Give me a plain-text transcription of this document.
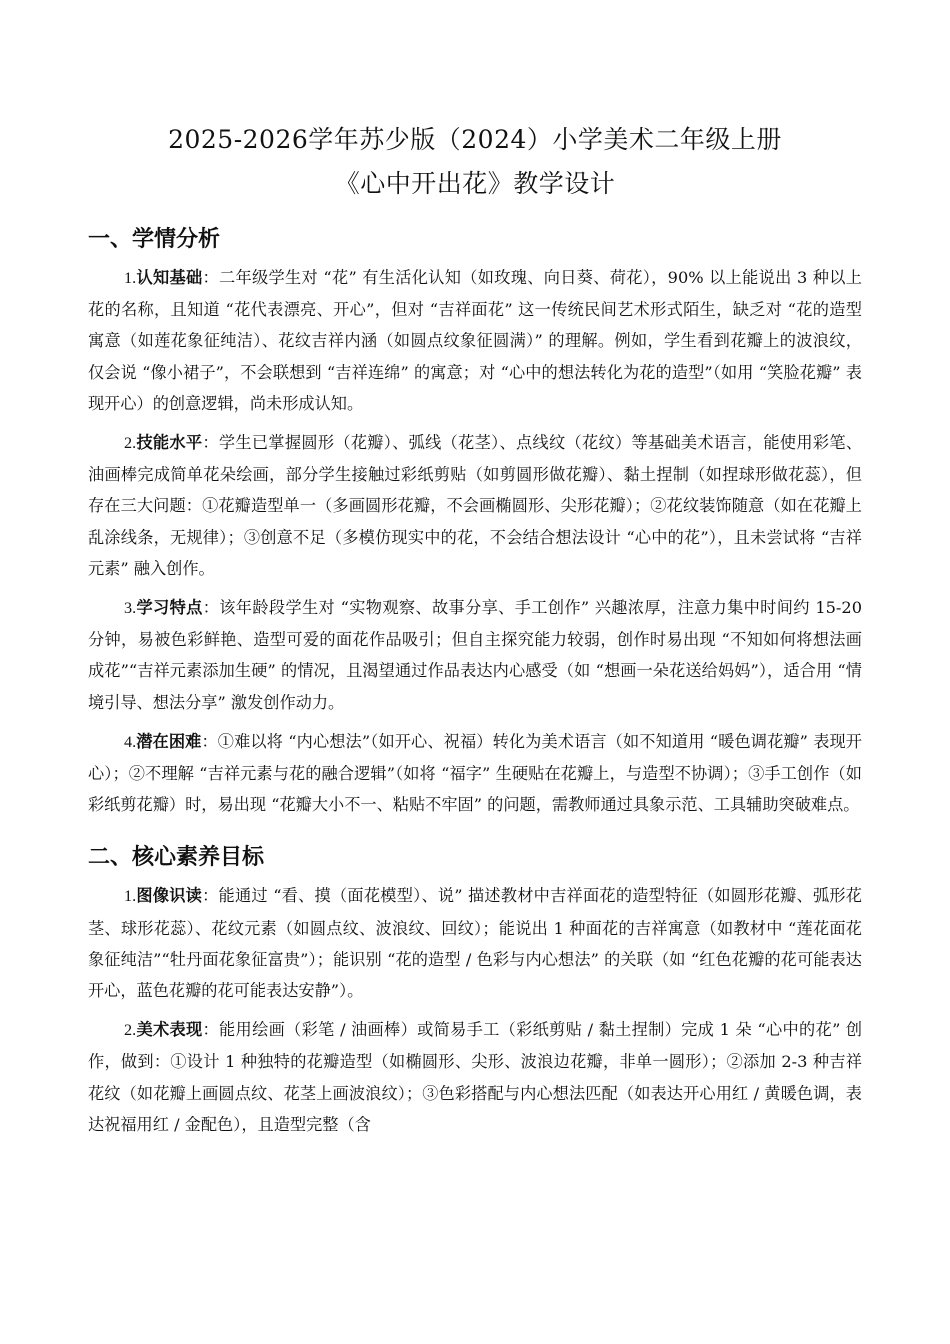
2025-2026学年苏少版（2024）小学美术二年级上册
《心中开出花》教学设计
一、学情分析

1.认知基础：二年级学生对 “花” 有生活化认知（如玫瑰、向日葵、荷花），90% 以上能说出 3 种以上花的名称，且知道 “花代表漂亮、开心”，但对 “吉祥面花” 这一传统民间艺术形式陌生，缺乏对 “花的造型寓意（如莲花象征纯洁）、花纹吉祥内涵（如圆点纹象征圆满）” 的理解。例如，学生看到花瓣上的波浪纹，仅会说 “像小裙子”，不会联想到 “吉祥连绵” 的寓意；对 “心中的想法转化为花的造型”（如用 “笑脸花瓣” 表现开心）的创意逻辑，尚未形成认知。

2.技能水平：学生已掌握圆形（花瓣）、弧线（花茎）、点线纹（花纹）等基础美术语言，能使用彩笔、油画棒完成简单花朵绘画，部分学生接触过彩纸剪贴（如剪圆形做花瓣）、黏土捏制（如捏球形做花蕊），但存在三大问题：①花瓣造型单一（多画圆形花瓣，不会画椭圆形、尖形花瓣）；②花纹装饰随意（如在花瓣上乱涂线条，无规律）；③创意不足（多模仿现实中的花，不会结合想法设计 “心中的花”），且未尝试将 “吉祥元素” 融入创作。

3.学习特点：该年龄段学生对 “实物观察、故事分享、手工创作” 兴趣浓厚，注意力集中时间约 15-20 分钟，易被色彩鲜艳、造型可爱的面花作品吸引；但自主探究能力较弱，创作时易出现 “不知如何将想法画成花”“吉祥元素添加生硬” 的情况，且渴望通过作品表达内心感受（如 “想画一朵花送给妈妈”），适合用 “情境引导、想法分享” 激发创作动力。

4.潜在困难：①难以将 “内心想法”（如开心、祝福）转化为美术语言（如不知道用 “暖色调花瓣” 表现开心）；②不理解 “吉祥元素与花的融合逻辑”（如将 “福字” 生硬贴在花瓣上，与造型不协调）；③手工创作（如彩纸剪花瓣）时，易出现 “花瓣大小不一、粘贴不牢固” 的问题，需教师通过具象示范、工具辅助突破难点。

二、核心素养目标

1.图像识读：能通过 “看、摸（面花模型）、说” 描述教材中吉祥面花的造型特征（如圆形花瓣、弧形花茎、球形花蕊）、花纹元素（如圆点纹、波浪纹、回纹）；能说出 1 种面花的吉祥寓意（如教材中 “莲花面花象征纯洁”“牡丹面花象征富贵”）；能识别 “花的造型 / 色彩与内心想法” 的关联（如 “红色花瓣的花可能表达开心，蓝色花瓣的花可能表达安静”）。

2.美术表现：能用绘画（彩笔 / 油画棒）或简易手工（彩纸剪贴 / 黏土捏制）完成 1 朵 “心中的花” 创作，做到：①设计 1 种独特的花瓣造型（如椭圆形、尖形、波浪边花瓣，非单一圆形）；②添加 2-3 种吉祥花纹（如花瓣上画圆点纹、花茎上画波浪纹）；③色彩搭配与内心想法匹配（如表达开心用红 / 黄暖色调，表达祝福用红 / 金配色），且造型完整（含
